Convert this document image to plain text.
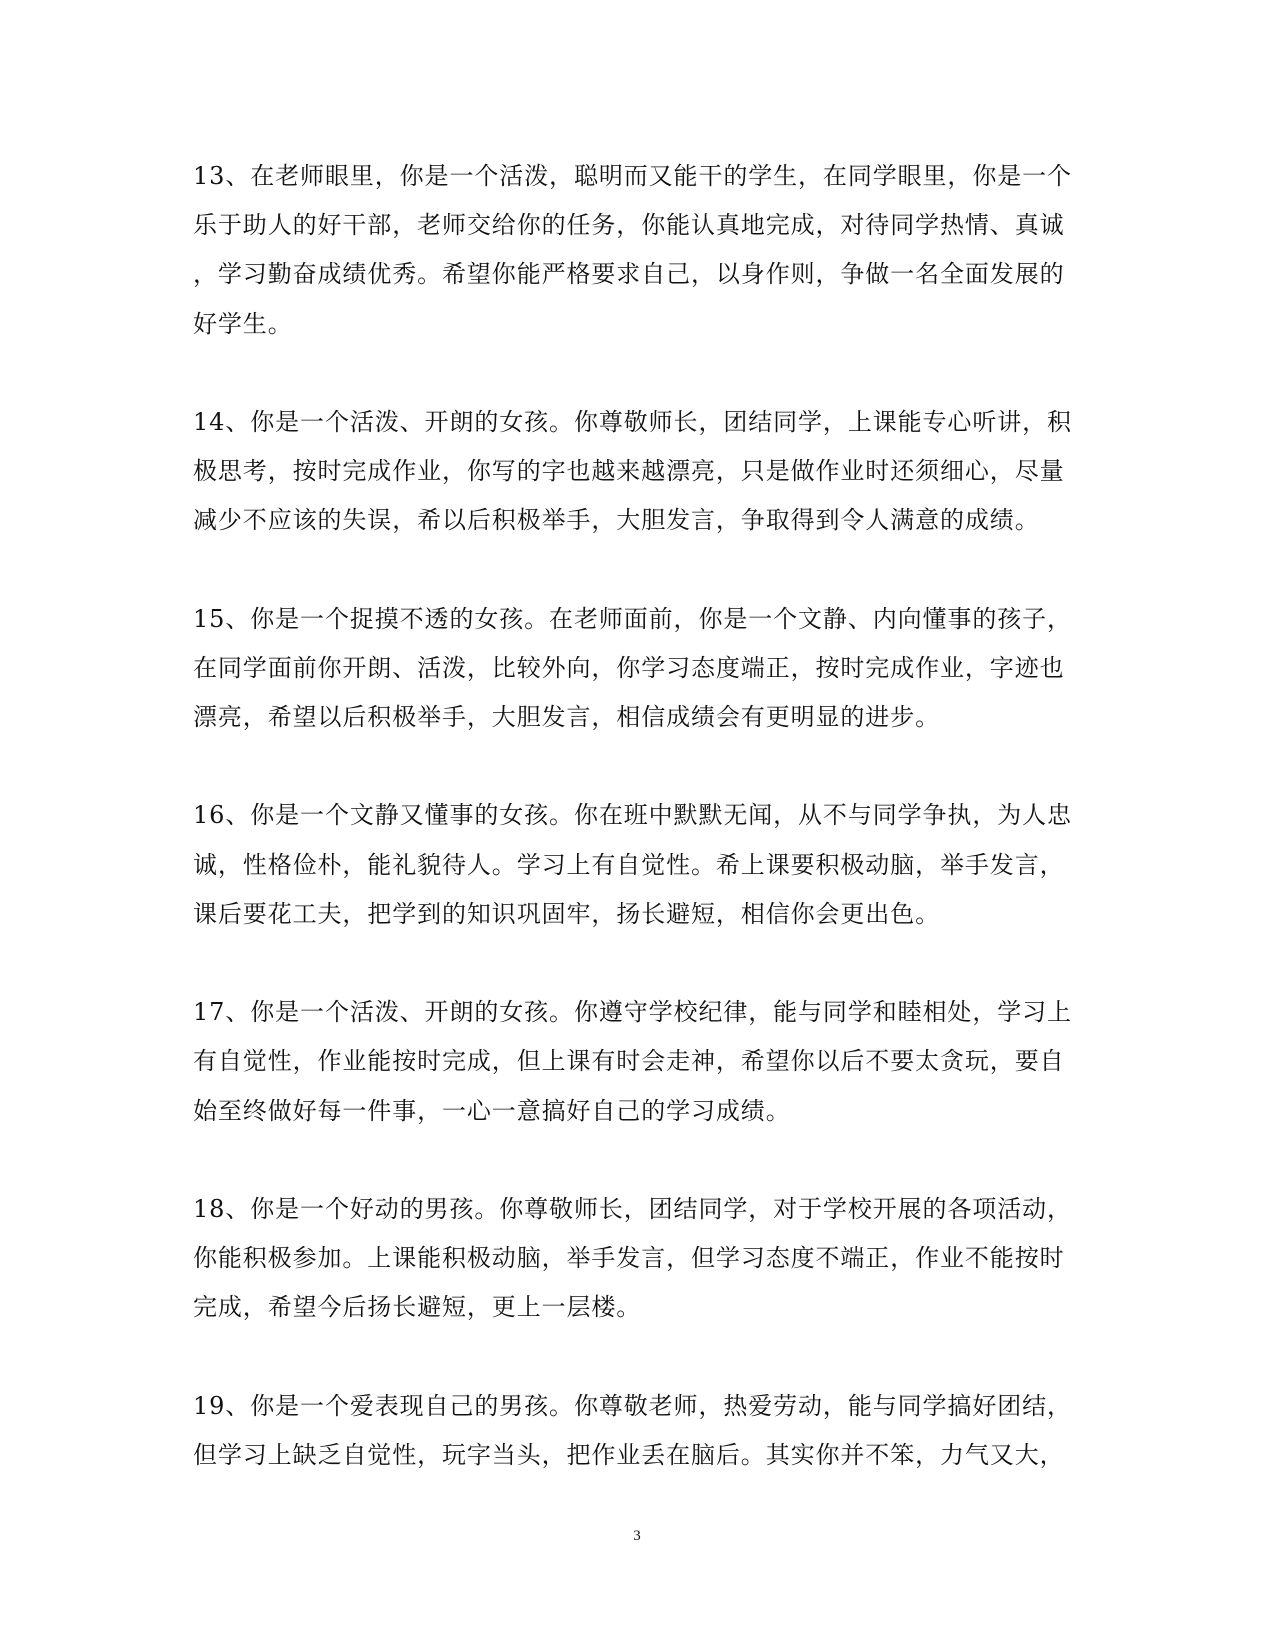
13、在老师眼里，你是一个活泼，聪明而又能干的学生，在同学眼里，你是一个
乐于助人的好干部，老师交给你的任务，你能认真地完成，对待同学热情、真诚
，学习勤奋成绩优秀。希望你能严格要求自己，以身作则，争做一名全面发展的
好学生。
14、你是一个活泼、开朗的女孩。你尊敬师长，团结同学，上课能专心听讲，积
极思考，按时完成作业，你写的字也越来越漂亮，只是做作业时还须细心，尽量
减少不应该的失误，希以后积极举手，大胆发言，争取得到令人满意的成绩。
15、你是一个捉摸不透的女孩。在老师面前，你是一个文静、内向懂事的孩子，
在同学面前你开朗、活泼，比较外向，你学习态度端正，按时完成作业，字迹也
漂亮，希望以后积极举手，大胆发言，相信成绩会有更明显的进步。
16、你是一个文静又懂事的女孩。你在班中默默无闻，从不与同学争执，为人忠
诚，性格俭朴，能礼貌待人。学习上有自觉性。希上课要积极动脑，举手发言，
课后要花工夫，把学到的知识巩固牢，扬长避短，相信你会更出色。
17、你是一个活泼、开朗的女孩。你遵守学校纪律，能与同学和睦相处，学习上
有自觉性，作业能按时完成，但上课有时会走神，希望你以后不要太贪玩，要自
始至终做好每一件事，一心一意搞好自己的学习成绩。
18、你是一个好动的男孩。你尊敬师长，团结同学，对于学校开展的各项活动，
你能积极参加。上课能积极动脑，举手发言，但学习态度不端正，作业不能按时
完成，希望今后扬长避短，更上一层楼。
19、你是一个爱表现自己的男孩。你尊敬老师，热爱劳动，能与同学搞好团结，
但学习上缺乏自觉性，玩字当头，把作业丢在脑后。其实你并不笨，力气又大，
3
